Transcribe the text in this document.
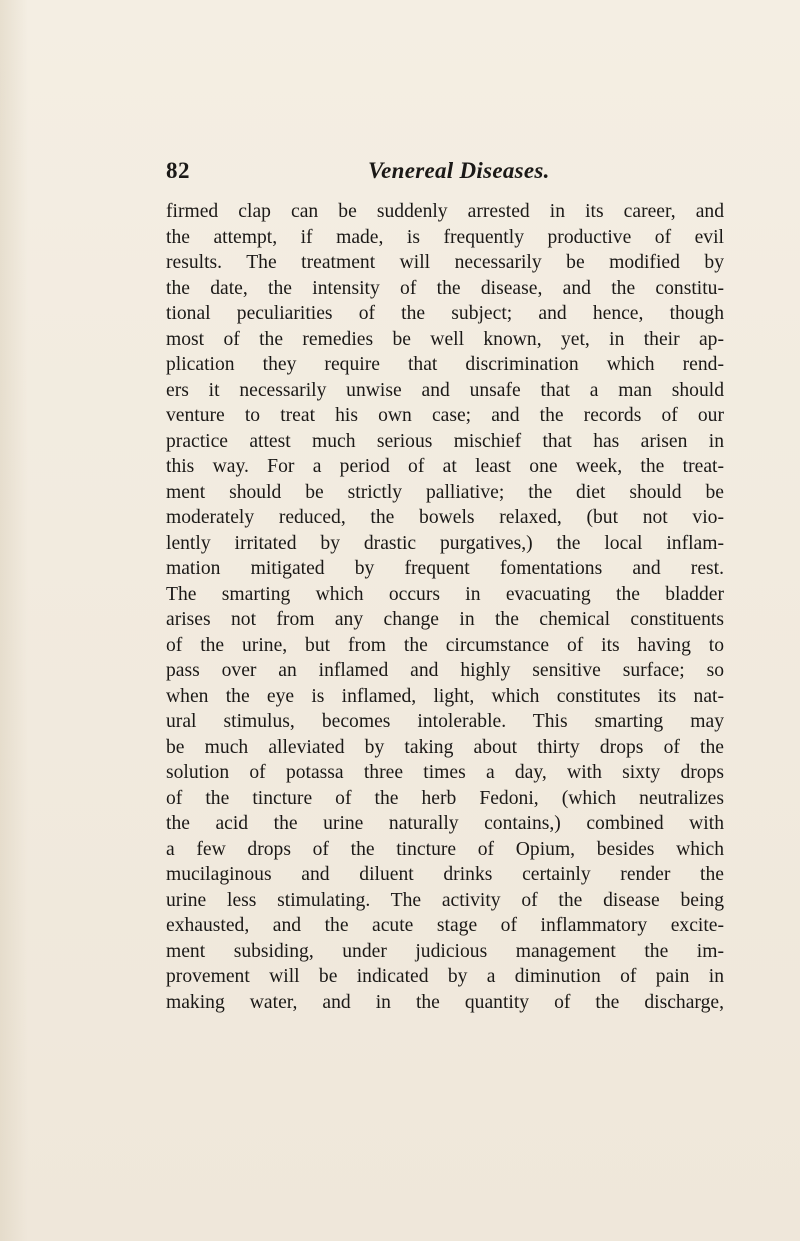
82	Venereal Diseases.
firmed clap can be suddenly arrested in its career, and
the attempt, if made, is frequently productive of evil
results. The treatment will necessarily be modified by
the date, the intensity of the disease, and the constitu-
tional peculiarities of the subject; and hence, though
most of the remedies be well known, yet, in their ap-
plication they require that discrimination which rend-
ers it necessarily unwise and unsafe that a man should
venture to treat his own case; and the records of our
practice attest much serious mischief that has arisen in
this way. For a period of at least one week, the treat-
ment should be strictly palliative; the diet should be
moderately reduced, the bowels relaxed, (but not vio-
lently irritated by drastic purgatives,) the local inflam-
mation mitigated by frequent fomentations and rest.
The smarting which occurs in evacuating the bladder
arises not from any change in the chemical constituents
of the urine, but from the circumstance of its having to
pass over an inflamed and highly sensitive surface; so
when the eye is inflamed, light, which constitutes its nat-
ural stimulus, becomes intolerable. This smarting may
be much alleviated by taking about thirty drops of the
solution of potassa three times a day, with sixty drops
of the tincture of the herb Fedoni, (which neutralizes
the acid the urine naturally contains,) combined with
a few drops of the tincture of Opium, besides which
mucilaginous and diluent drinks certainly render the
urine less stimulating. The activity of the disease being
exhausted, and the acute stage of inflammatory excite-
ment subsiding, under judicious management the im-
provement will be indicated by a diminution of pain in
making water, and in the quantity of the discharge,
